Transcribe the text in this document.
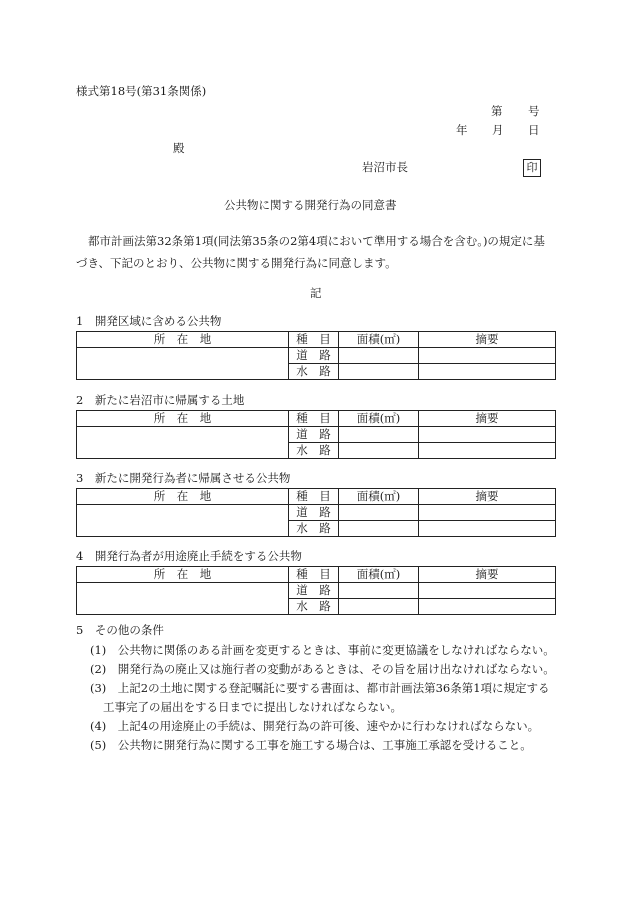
様式第18号(第31条関係)
第 号
年 月 日
殿
岩沼市長	印
公共物に関する開発行為の同意書
都市計画法第32条第1項(同法第35条の2第4項において準用する場合を含む。)の規定に基
づき、下記のとおり、公共物に関する開発行為に同意します。
記
1　開発区域に含める公共物
所　在　地	種　目	面積(㎡)	摘要
	道　路		
	水　路		
2　新たに岩沼市に帰属する土地
所　在　地	種　目	面積(㎡)	摘要
	道　路		
	水　路		
3　新たに開発行為者に帰属させる公共物
所　在　地	種　目	面積(㎡)	摘要
	道　路		
	水　路		
4　開発行為者が用途廃止手続をする公共物
所　在　地	種　目	面積(㎡)	摘要
	道　路		
	水　路		
5　その他の条件
(1)　公共物に関係のある計画を変更するときは、事前に変更協議をしなければならない。
(2)　開発行為の廃止又は施行者の変動があるときは、その旨を届け出なければならない。
(3)　上記2の土地に関する登記嘱託に要する書面は、都市計画法第36条第1項に規定する
工事完了の届出をする日までに提出しなければならない。
(4)　上記4の用途廃止の手続は、開発行為の許可後、速やかに行わなければならない。
(5)　公共物に開発行為に関する工事を施工する場合は、工事施工承認を受けること。
